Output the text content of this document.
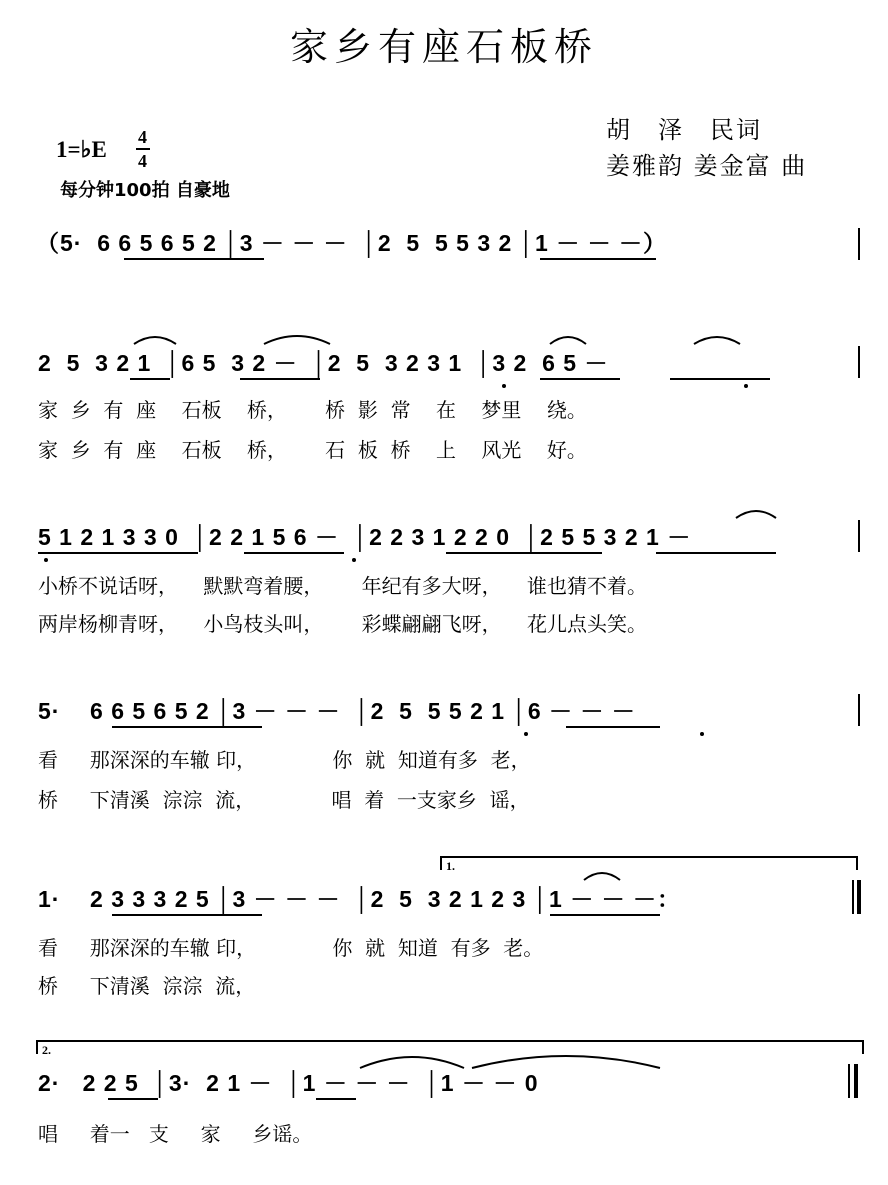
家乡有座石板桥
胡　泽　民词
姜雅韵 姜金富 曲
1=♭E 4
4
每分钟100拍 自豪地
（5·  6 6 5 6 5 2 │3 － － －  │2  5  5 5 3 2 │1 － － －）
2  5  3 2 1  │6 5  3 2 －  │2  5  3 2 3 1  │3 2  6 5 －
家  乡  有  座    石板    桥，      桥  影  常    在    梦里    绕。
家  乡  有  座    石板    桥，      石  板  桥    上    风光    好。
5 1 2 1 3 3 0  │2 2 1 5 6 －  │2 2 3 1 2 2 0  │2 5 5 3 2 1 －
小桥不说话呀，    默默弯着腰，      年纪有多大呀，    谁也猜不着。
两岸杨柳青呀，    小鸟枝头叫，      彩蝶翩翩飞呀，    花儿点头笑。
5·    6 6 5 6 5 2 │3 － － －  │2  5  5 5 2 1 │6 － － －
看     那深深的车辙 印，            你  就  知道有多  老，
桥     下清溪  淙淙  流，            唱  着  一支家乡  谣，
1.
1·    2 3 3 3 2 5 │3 － － －  │2  5  3 2 1 2 3 │1 － － －：
看     那深深的车辙 印，            你  就  知道  有多  老。
桥     下清溪  淙淙  流，
2.
2·   2 2 5  │3·  2 1 －  │1 － － －  │1 － － 0
唱     着一   支     家     乡谣。
